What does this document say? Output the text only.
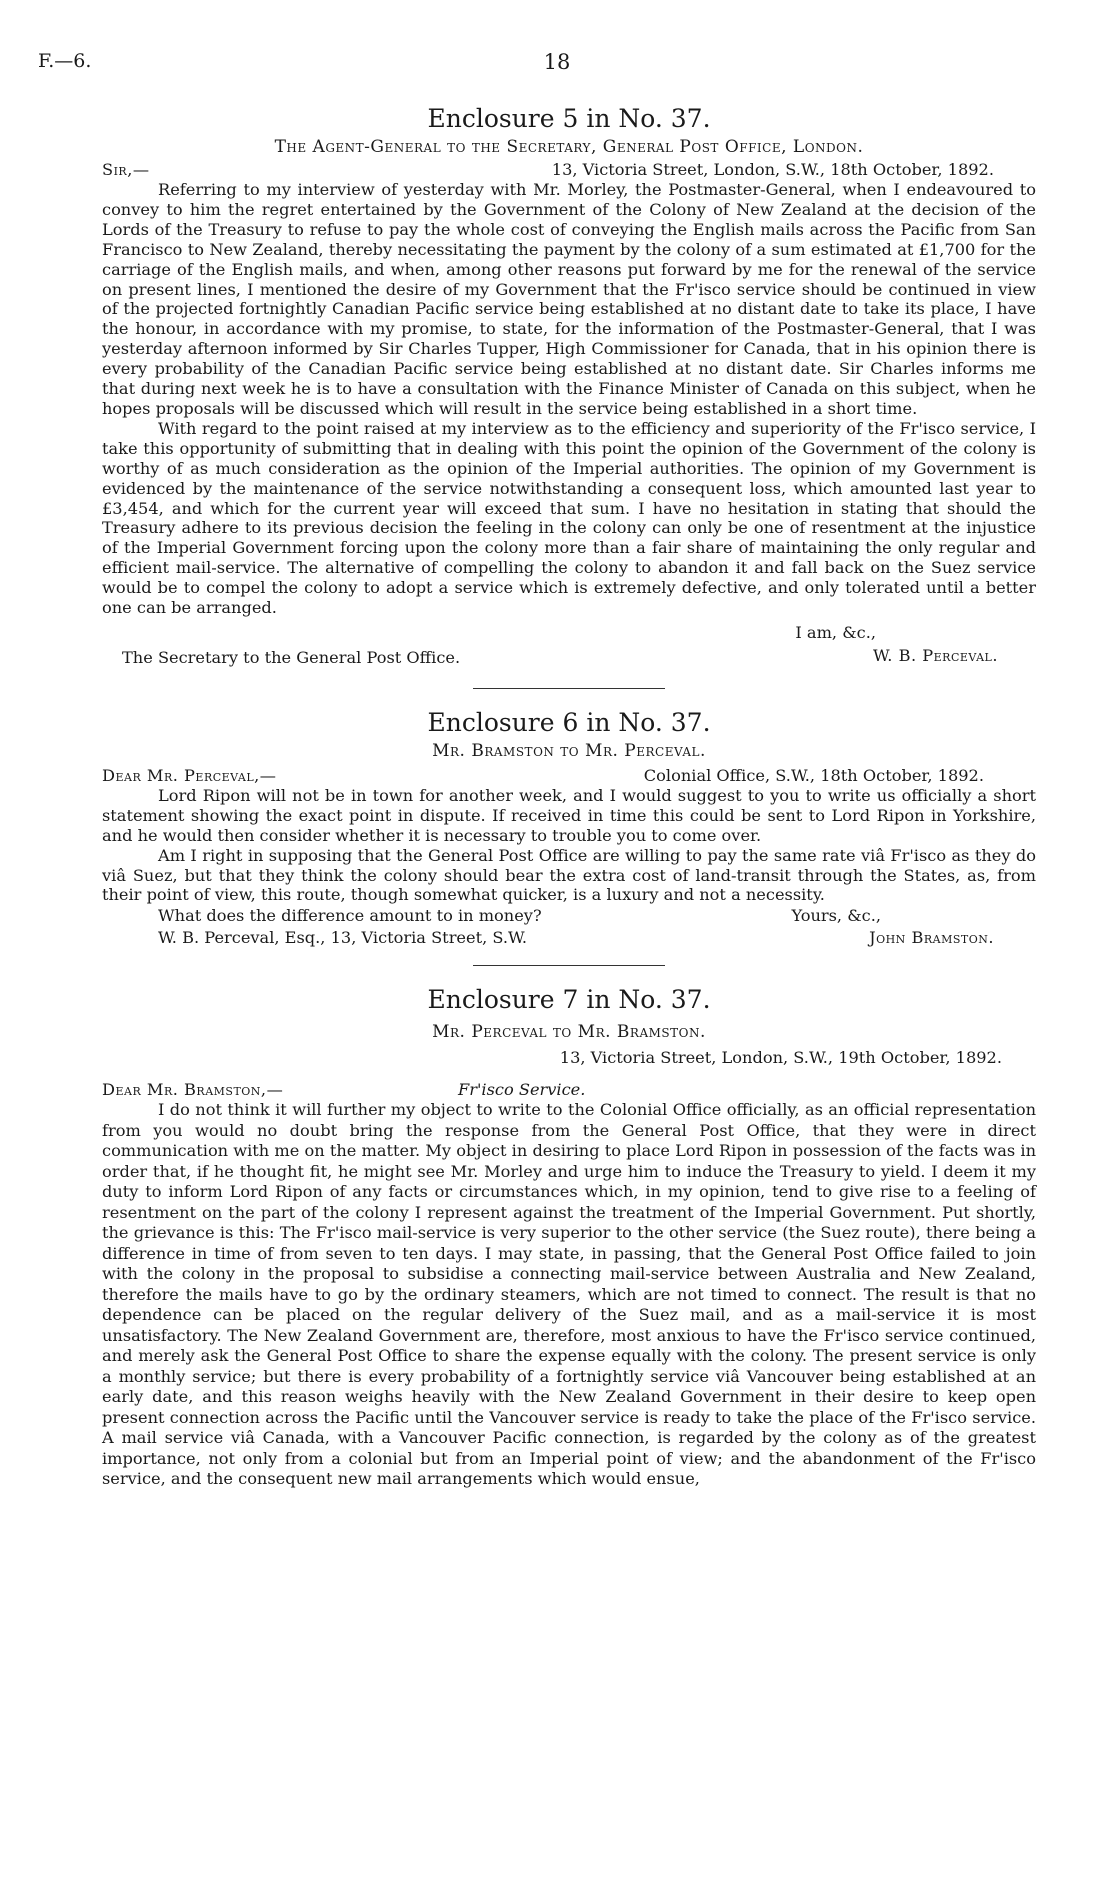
F.—6.	18
Enclosure 5 in No. 37.
The Agent-General to the Secretary, General Post Office, London.
Sir,—	13, Victoria Street, London, S.W., 18th October, 1892.

Referring to my interview of yesterday with Mr. Morley, the Postmaster-General, when I endeavoured to convey to him the regret entertained by the Government of the Colony of New Zealand at the decision of the Lords of the Treasury to refuse to pay the whole cost of conveying the English mails across the Pacific from San Francisco to New Zealand, thereby necessitating the payment by the colony of a sum estimated at £1,700 for the carriage of the English mails, and when, among other reasons put forward by me for the renewal of the service on present lines, I mentioned the desire of my Government that the Fr'isco service should be continued in view of the projected fortnightly Canadian Pacific service being established at no distant date to take its place, I have the honour, in accordance with my promise, to state, for the information of the Postmaster-General, that I was yesterday afternoon informed by Sir Charles Tupper, High Commissioner for Canada, that in his opinion there is every probability of the Canadian Pacific service being established at no distant date. Sir Charles informs me that during next week he is to have a consultation with the Finance Minister of Canada on this subject, when he hopes proposals will be discussed which will result in the service being established in a short time.

With regard to the point raised at my interview as to the efficiency and superiority of the Fr'isco service, I take this opportunity of submitting that in dealing with this point the opinion of the Government of the colony is worthy of as much consideration as the opinion of the Imperial authorities. The opinion of my Government is evidenced by the maintenance of the service notwithstanding a consequent loss, which amounted last year to £3,454, and which for the current year will exceed that sum. I have no hesitation in stating that should the Treasury adhere to its previous decision the feeling in the colony can only be one of resentment at the injustice of the Imperial Government forcing upon the colony more than a fair share of maintaining the only regular and efficient mail-service. The alternative of compelling the colony to abandon it and fall back on the Suez service would be to compel the colony to adopt a service which is extremely defective, and only tolerated until a better one can be arranged.

I am, &c.,
The Secretary to the General Post Office.	W. B. Perceval.
Enclosure 6 in No. 37.
Mr. Bramston to Mr. Perceval.
Dear Mr. Perceval,—	Colonial Office, S.W., 18th October, 1892.

Lord Ripon will not be in town for another week, and I would suggest to you to write us officially a short statement showing the exact point in dispute. If received in time this could be sent to Lord Ripon in Yorkshire, and he would then consider whether it is necessary to trouble you to come over.

Am I right in supposing that the General Post Office are willing to pay the same rate viâ Fr'isco as they do viâ Suez, but that they think the colony should bear the extra cost of land-transit through the States, as, from their point of view, this route, though somewhat quicker, is a luxury and not a necessity.

What does the difference amount to in money?	Yours, &c.,
W. B. Perceval, Esq., 13, Victoria Street, S.W.	John Bramston.
Enclosure 7 in No. 37.
Mr. Perceval to Mr. Bramston.
13, Victoria Street, London, S.W., 19th October, 1892.
Dear Mr. Bramston,—	Fr'isco Service.

I do not think it will further my object to write to the Colonial Office officially, as an official representation from you would no doubt bring the response from the General Post Office, that they were in direct communication with me on the matter. My object in desiring to place Lord Ripon in possession of the facts was in order that, if he thought fit, he might see Mr. Morley and urge him to induce the Treasury to yield. I deem it my duty to inform Lord Ripon of any facts or circumstances which, in my opinion, tend to give rise to a feeling of resentment on the part of the colony I represent against the treatment of the Imperial Government. Put shortly, the grievance is this: The Fr'isco mail-service is very superior to the other service (the Suez route), there being a difference in time of from seven to ten days. I may state, in passing, that the General Post Office failed to join with the colony in the proposal to subsidise a connecting mail-service between Australia and New Zealand, therefore the mails have to go by the ordinary steamers, which are not timed to connect. The result is that no dependence can be placed on the regular delivery of the Suez mail, and as a mail-service it is most unsatisfactory. The New Zealand Government are, therefore, most anxious to have the Fr'isco service continued, and merely ask the General Post Office to share the expense equally with the colony. The present service is only a monthly service; but there is every probability of a fortnightly service viâ Vancouver being established at an early date, and this reason weighs heavily with the New Zealand Government in their desire to keep open present connection across the Pacific until the Vancouver service is ready to take the place of the Fr'isco service. A mail service viâ Canada, with a Vancouver Pacific connection, is regarded by the colony as of the greatest importance, not only from a colonial but from an Imperial point of view; and the abandonment of the Fr'isco service, and the consequent new mail arrangements which would ensue,
